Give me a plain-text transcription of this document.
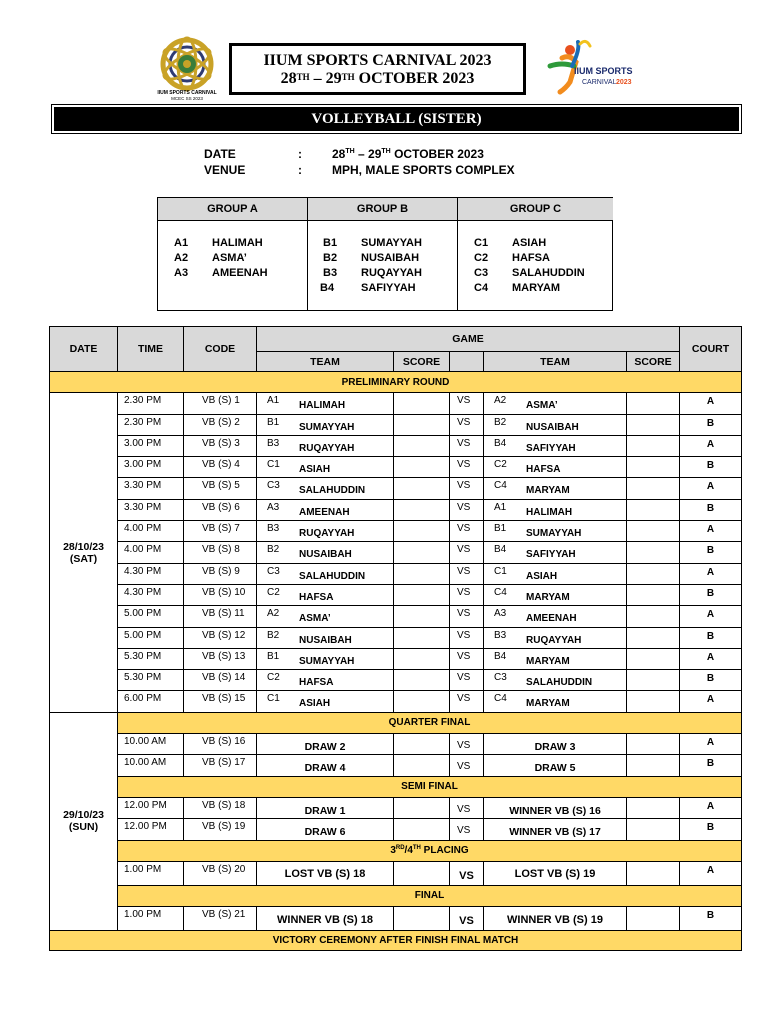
IIUM SPORTS CARNIVAL
MCEC SS 2023
IIUM SPORTS CARNIVAL 2023
28TH – 29TH OCTOBER 2023	IIUM SPORTS
CARNIVAL 2023
VOLLEYBALL (SISTER)
DATE	:	28TH – 29TH OCTOBER 2023
VENUE	:	MPH, MALE SPORTS COMPLEX
GROUP A
A1 HALIMAH
A2 ASMA’
A3 AMEENAH
GROUP B
B1 SUMAYYAH
B2 NUSAIBAH
B3 RUQAYYAH
B4 SAFIYYAH
GROUP C
C1 ASIAH
C2 HAFSA
C3 SALAHUDDIN
C4 MARYAM
DATE	TIME	CODE	GAME					COURT
			TEAM	SCORE		TEAM	SCORE	
PRELIMINARY ROUND								
28/10/23
(SAT)	2.30 PM	VB (S) 1	A1 HALIMAH		VS	A2 ASMA’		A
	2.30 PM	VB (S) 2	B1 SUMAYYAH		VS	B2 NUSAIBAH		B
	3.00 PM	VB (S) 3	B3 RUQAYYAH		VS	B4 SAFIYYAH		A
	3.00 PM	VB (S) 4	C1 ASIAH		VS	C2 HAFSA		B
	3.30 PM	VB (S) 5	C3 SALAHUDDIN		VS	C4 MARYAM		A
	3.30 PM	VB (S) 6	A3 AMEENAH		VS	A1 HALIMAH		B
	4.00 PM	VB (S) 7	B3 RUQAYYAH		VS	B1 SUMAYYAH		A
	4.00 PM	VB (S) 8	B2 NUSAIBAH		VS	B4 SAFIYYAH		B
	4.30 PM	VB (S) 9	C3 SALAHUDDIN		VS	C1 ASIAH		A
	4.30 PM	VB (S) 10	C2 HAFSA		VS	C4 MARYAM		B
	5.00 PM	VB (S) 11	A2 ASMA’		VS	A3 AMEENAH		A
	5.00 PM	VB (S) 12	B2 NUSAIBAH		VS	B3 RUQAYYAH		B
	5.30 PM	VB (S) 13	B1 SUMAYYAH		VS	B4 MARYAM		A
	5.30 PM	VB (S) 14	C2 HAFSA		VS	C3 SALAHUDDIN		B
	6.00 PM	VB (S) 15	C1 ASIAH		VS	C4 MARYAM		A
29/10/23
(SUN)	QUARTER FINAL							
	10.00 AM	VB (S) 16	DRAW 2		VS	DRAW 3		A
	10.00 AM	VB (S) 17	DRAW 4		VS	DRAW 5		B
	SEMI FINAL							
	12.00 PM	VB (S) 18	DRAW 1		VS	WINNER VB (S) 16		A
	12.00 PM	VB (S) 19	DRAW 6		VS	WINNER VB (S) 17		B
	3RD/4TH PLACING							
	1.00 PM	VB (S) 20	LOST VB (S) 18		VS	LOST VB (S) 19		A
	FINAL							
	1.00 PM	VB (S) 21	WINNER VB (S) 18		VS	WINNER VB (S) 19		B
VICTORY CEREMONY AFTER FINISH FINAL MATCH								
